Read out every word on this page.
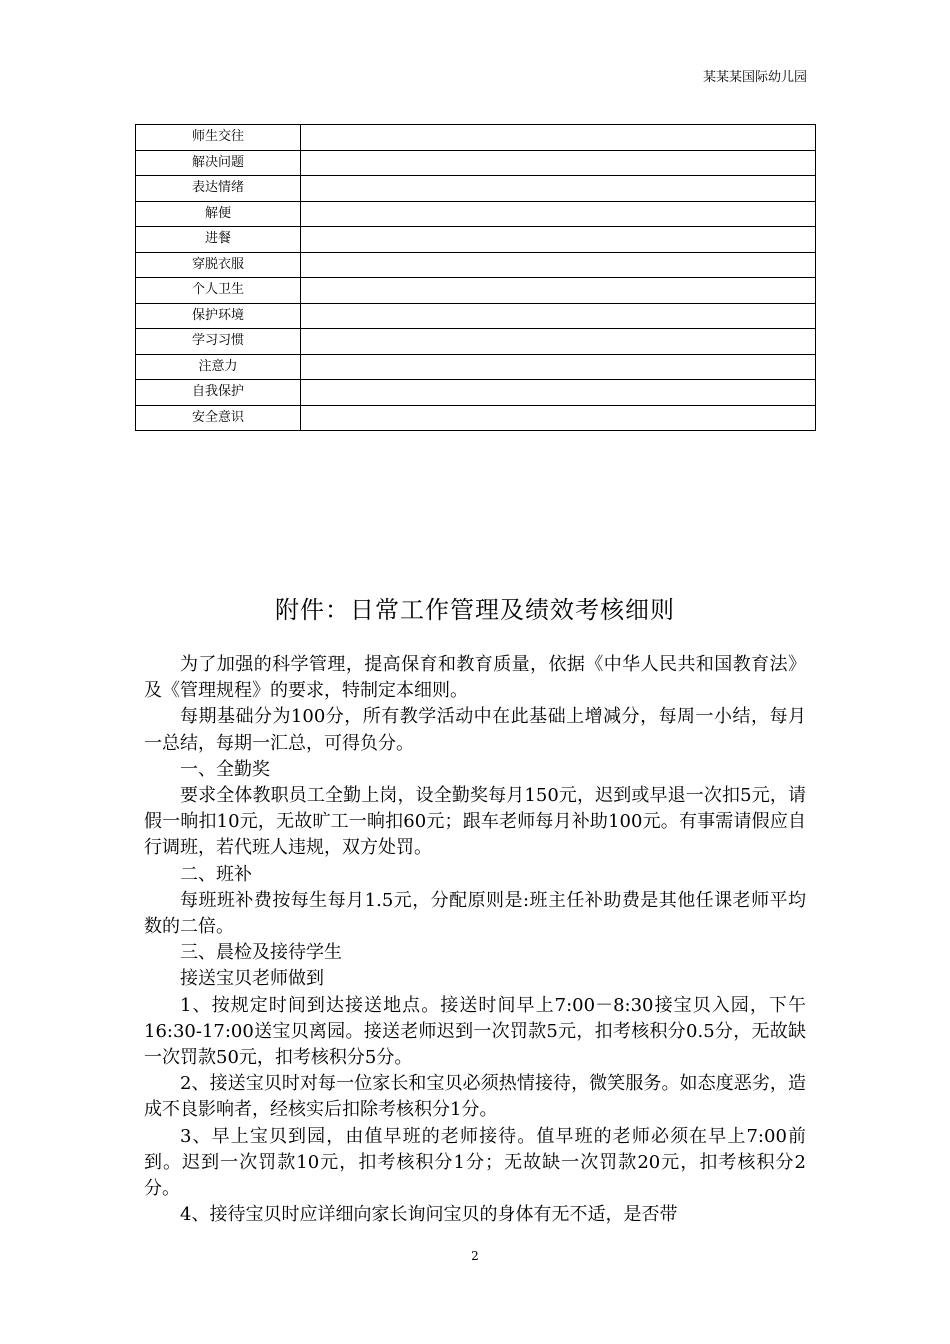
某某某国际幼儿园
师生交往	
解决问题	
表达情绪	
解便	
进餐	
穿脱衣服	
个人卫生	
保护环境	
学习习惯	
注意力	
自我保护	
安全意识	
附件：日常工作管理及绩效考核细则

为了加强的科学管理，提高保育和教育质量，依据《中华人民共和国教育法》及《管理规程》的要求，特制定本细则。

每期基础分为100分，所有教学活动中在此基础上增减分，每周一小结，每月一总结，每期一汇总，可得负分。

一、全勤奖

要求全体教职员工全勤上岗，设全勤奖每月150元，迟到或早退一次扣5元，请假一晌扣10元，无故旷工一晌扣60元；跟车老师每月补助100元。有事需请假应自行调班，若代班人违规，双方处罚。

二、班补

每班班补费按每生每月1.5元，分配原则是:班主任补助费是其他任课老师平均数的二倍。

三、晨检及接待学生

接送宝贝老师做到

1、按规定时间到达接送地点。接送时间早上7:00－8:30接宝贝入园，下午16:30-17:00送宝贝离园。接送老师迟到一次罚款5元，扣考核积分0.5分，无故缺一次罚款50元，扣考核积分5分。

2、接送宝贝时对每一位家长和宝贝必须热情接待，微笑服务。如态度恶劣，造成不良影响者，经核实后扣除考核积分1分。

3、早上宝贝到园，由值早班的老师接待。值早班的老师必须在早上7:00前到。迟到一次罚款10元，扣考核积分1分；无故缺一次罚款20元，扣考核积分2分。

4、接待宝贝时应详细向家长询问宝贝的身体有无不适，是否带

2
